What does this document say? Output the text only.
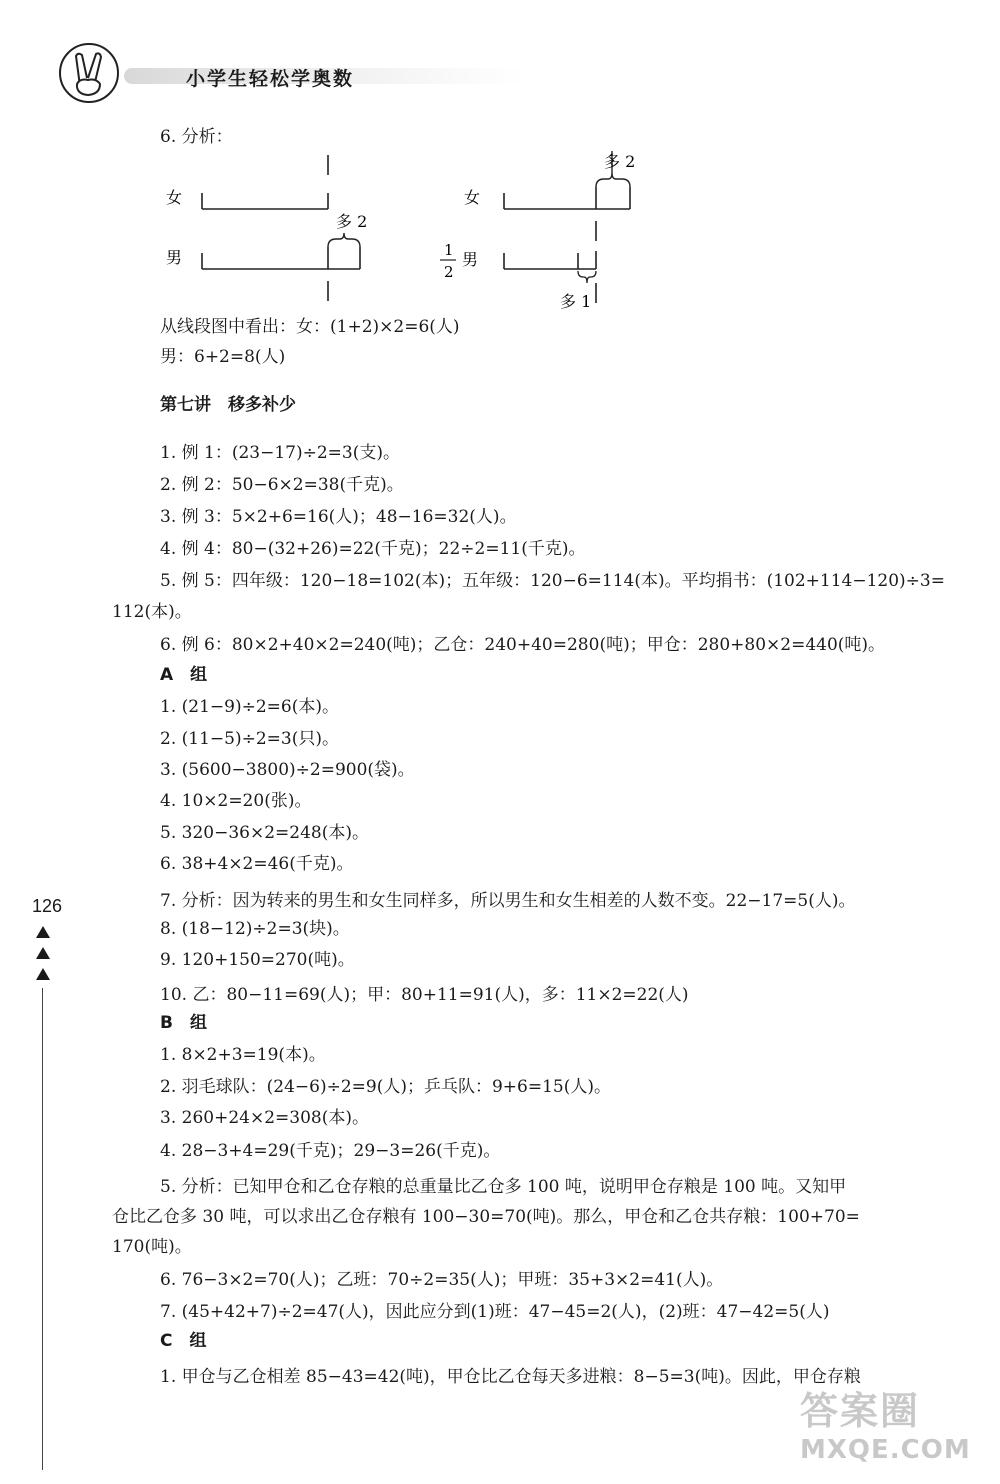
小学生轻松学奥数
女
男
多 2
女
多 2
1
2
男
多 1
6. 分析：
从线段图中看出：女：(1+2)×2=6(人)
男：6+2=8(人)
第七讲　移多补少
1. 例 1：(23−17)÷2=3(支)。
2. 例 2：50−6×2=38(千克)。
3. 例 3：5×2+6=16(人)；48−16=32(人)。
4. 例 4：80−(32+26)=22(千克)；22÷2=11(千克)。
5. 例 5：四年级：120−18=102(本)；五年级：120−6=114(本)。平均捐书：(102+114−120)÷3=
112(本)。
6. 例 6：80×2+40×2=240(吨)；乙仓：240+40=280(吨)；甲仓：280+80×2=440(吨)。
A　组
1. (21−9)÷2=6(本)。
2. (11−5)÷2=3(只)。
3. (5600−3800)÷2=900(袋)。
4. 10×2=20(张)。
5. 320−36×2=248(本)。
6. 38+4×2=46(千克)。
7. 分析：因为转来的男生和女生同样多，所以男生和女生相差的人数不变。22−17=5(人)。
8. (18−12)÷2=3(块)。
9. 120+150=270(吨)。
10. 乙：80−11=69(人)；甲：80+11=91(人)，多：11×2=22(人)
B　组
1. 8×2+3=19(本)。
2. 羽毛球队：(24−6)÷2=9(人)；乒乓队：9+6=15(人)。
3. 260+24×2=308(本)。
4. 28−3+4=29(千克)；29−3=26(千克)。
5. 分析：已知甲仓和乙仓存粮的总重量比乙仓多 100 吨，说明甲仓存粮是 100 吨。又知甲
仓比乙仓多 30 吨，可以求出乙仓存粮有 100−30=70(吨)。那么，甲仓和乙仓共存粮：100+70=
170(吨)。
6. 76−3×2=70(人)；乙班：70÷2=35(人)；甲班：35+3×2=41(人)。
7. (45+42+7)÷2=47(人)，因此应分到(1)班：47−45=2(人)，(2)班：47−42=5(人)
C　组
1. 甲仓与乙仓相差 85−43=42(吨)，甲仓比乙仓每天多进粮：8−5=3(吨)。因此，甲仓存粮
126
答案圈
MXQE.COM
